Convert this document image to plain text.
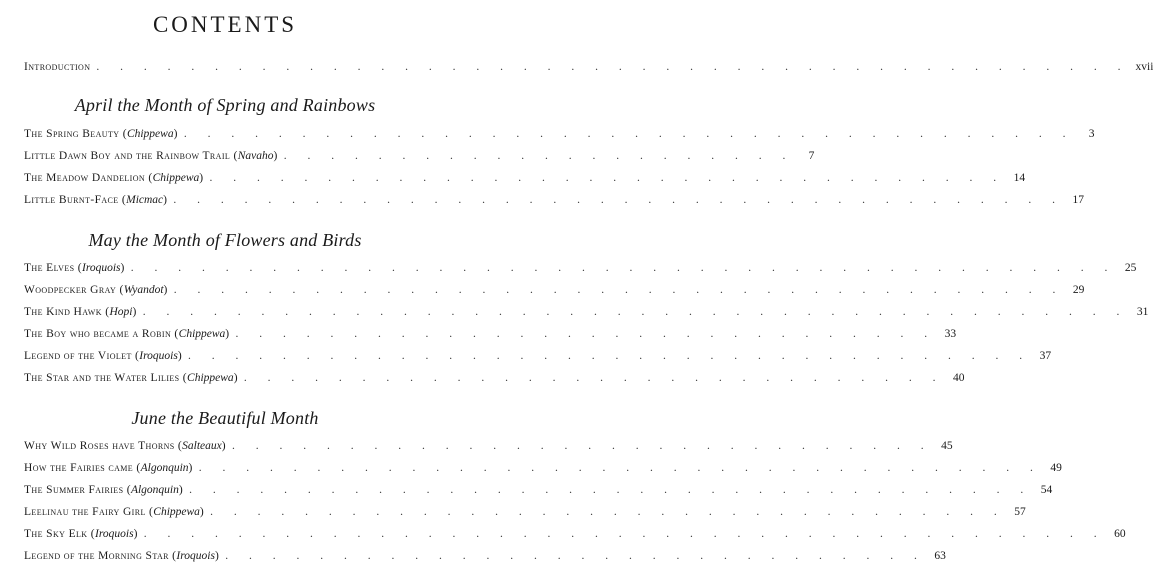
CONTENTS
Introduction . . . . . . . . . . . . . . . . . . . . . . . . . . . . . . . . . . . . . . . . . . . . xvii
April the Month of Spring and Rainbows
The Spring Beauty (Chippewa) . . . . . . . . . . . . . . . . . . . . . . . . . . . . . . . . . . . . . .	3
Little Dawn Boy and the Rainbow Trail (Navaho) . . . . . . . . . . . . . . . . . . . . . .	7
The Meadow Dandelion (Chippewa) . . . . . . . . . . . . . . . . . . . . . . . . . . . . . . . . . . 14
Little Burnt-Face (Micmac) . . . . . . . . . . . . . . . . . . . . . . . . . . . . . . . . . . . . . . 17
May the Month of Flowers and Birds
The Elves (Iroquois) . . . . . . . . . . . . . . . . . . . . . . . . . . . . . . . . . . . . . . . . . . 25
Woodpecker Gray (Wyandot) . . . . . . . . . . . . . . . . . . . . . . . . . . . . . . . . . . . . . . 29
The Kind Hawk (Hopi) . . . . . . . . . . . . . . . . . . . . . . . . . . . . . . . . . . . . . . . . . . 31
The Boy who became a Robin (Chippewa) . . . . . . . . . . . . . . . . . . . . . . . . . . . . . . 33
Legend of the Violet (Iroquois) . . . . . . . . . . . . . . . . . . . . . . . . . . . . . . . . . . . . 37
The Star and the Water Lilies (Chippewa) . . . . . . . . . . . . . . . . . . . . . . . . . . . . . . 40
June the Beautiful Month
Why Wild Roses have Thorns (Salteaux) . . . . . . . . . . . . . . . . . . . . . . . . . . . . . . 45
How the Fairies came (Algonquin) . . . . . . . . . . . . . . . . . . . . . . . . . . . . . . . . . . . . 49
The Summer Fairies (Algonquin) . . . . . . . . . . . . . . . . . . . . . . . . . . . . . . . . . . . . 54
Leelinau the Fairy Girl (Chippewa) . . . . . . . . . . . . . . . . . . . . . . . . . . . . . . . . . . 57
The Sky Elk (Iroquois) . . . . . . . . . . . . . . . . . . . . . . . . . . . . . . . . . . . . . . . . . 60
Legend of the Morning Star (Iroquois) . . . . . . . . . . . . . . . . . . . . . . . . . . . . . . 63
